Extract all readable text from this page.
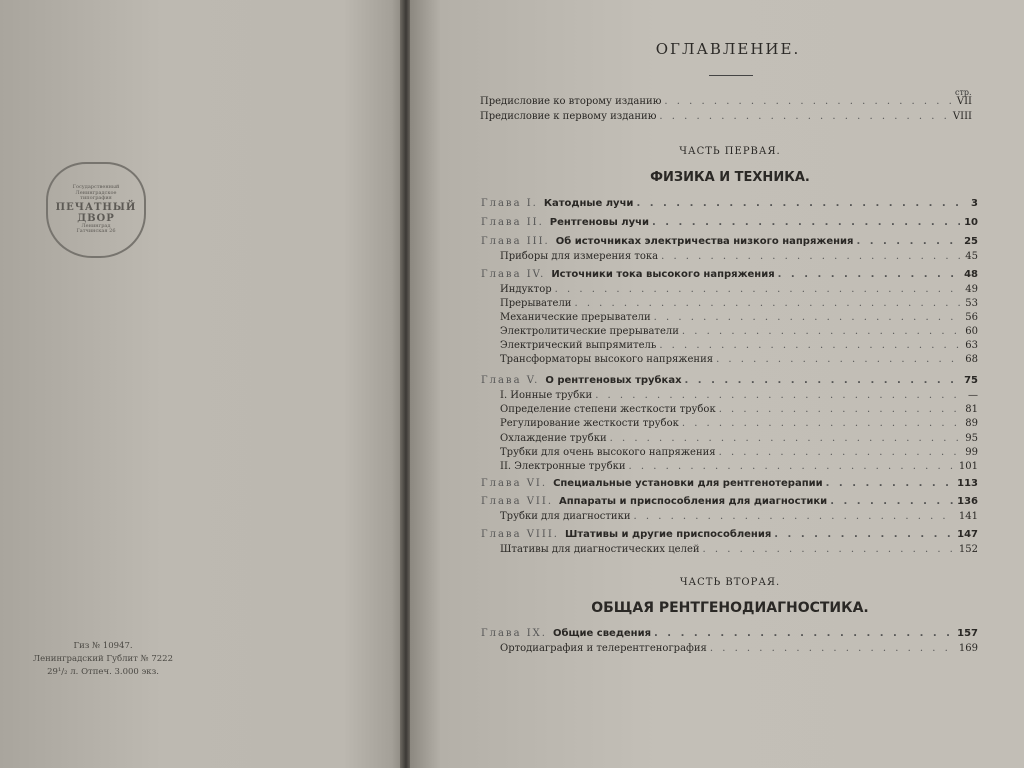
Государственный
Ленинградское
типография
ПЕЧАТНЫЙ
ДВОР
Ленинград
Гатчинская 26
Гиз № 10947.
Ленинградский Гублит № 7222
29¹/₂ л. Отпеч. 3.000 экз.
ОГЛАВЛЕНИЕ.
стр.
Предисловие ко второму изданию . . .	VII
Предисловие к первому изданию . . .	VIII
ЧАСТЬ ПЕРВАЯ.
ФИЗИКА И ТЕХНИКА.
Глава I. Катодные лучи . . .	3
Глава II. Рентгеновы лучи . . .	10
Глава III. Об источниках электричества низкого напряжения . . .	25
Приборы для измерения тока . . .	45
Глава IV. Источники тока высокого напряжения . . .	48
Индуктор . . .	49
Прерыватели . . .	53
Механические прерыватели . . .	56
Электролитические прерыватели . . .	60
Электрический выпрямитель . . .	63
Трансформаторы высокого напряжения . . .	68
Глава V. О рентгеновых трубках . . .	75
I. Ионные трубки . . .	—
Определение степени жесткости трубок . . .	81
Регулирование жесткости трубок . . .	89
Охлаждение трубки . . .	95
Трубки для очень высокого напряжения . . .	99
II. Электронные трубки . . .	101
Глава VI. Специальные установки для рентгенотерапии . . .	113
Глава VII. Аппараты и приспособления для диагностики . . .	136
Трубки для диагностики . . .	141
Глава VIII. Штативы и другие приспособления . . .	147
Штативы для диагностических целей . . .	152
ЧАСТЬ ВТОРАЯ.
ОБЩАЯ РЕНТГЕНОДИАГНОСТИКА.
Глава IX. Общие сведения . . .	157
Ортодиаграфия и телерентгенография . . .	169
